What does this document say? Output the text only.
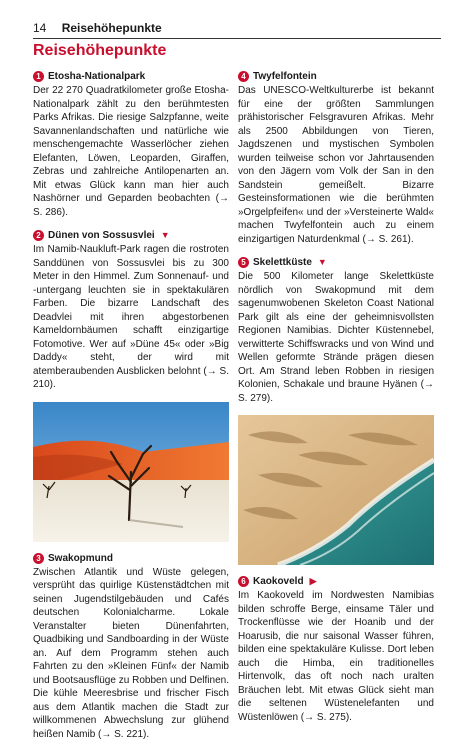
14 Reisehöhepunkte
Reisehöhepunkte
1 Etosha-Nationalpark

Der 22 270 Quadratkilometer große Etosha-Nationalpark zählt zu den berühmtesten Parks Afrikas. Die riesige Salzpfanne, weite Savannenlandschaften und natürliche wie menschengemachte Wasserlöcher ziehen Elefanten, Löwen, Leoparden, Giraffen, Zebras und zahlreiche Antilopenarten an. Mit etwas Glück kann man hier auch Nashörner und Geparden beobachten (→ S. 286).

2 Dünen von Sossusvlei ▼

Im Namib-Naukluft-Park ragen die rostroten Sanddünen von Sossusvlei bis zu 300 Meter in den Himmel. Zum Sonnenauf- und -untergang leuchten sie in spektakulären Farben. Die bizarre Landschaft des Deadvlei mit ihren abgestorbenen Kameldornbäumen schafft einzigartige Fotomotive. Wer auf »Düne 45« oder »Big Daddy« steht, der wird mit atemberaubenden Ausblicken belohnt (→ S. 210).

3 Swakopmund

Zwischen Atlantik und Wüste gelegen, versprüht das quirlige Küstenstädtchen mit seinen Jugendstilgebäuden und Cafés deutschen Kolonialcharme. Lokale Veranstalter bieten Dünenfahrten, Quadbiking und Sandboarding in der Wüste an. Auf dem Programm stehen auch Fahrten zu den »Kleinen Fünf« der Namib und Bootsausflüge zu Robben und Delfinen. Die kühle Meeresbrise und frischer Fisch aus dem Atlantik machen die Stadt zur willkommenen Abwechslung zur glühend heißen Namib (→ S. 221).

4 Twyfelfontein

Das UNESCO-Weltkulturerbe ist bekannt für eine der größten Sammlungen prähistorischer Felsgravuren Afrikas. Mehr als 2500 Abbildungen von Tieren, Jagdszenen und mystischen Symbolen wurden teilweise schon vor Jahrtausenden von den Jägern vom Volk der San in den Sandstein gemeißelt. Bizarre Gesteinsformationen wie die berühmten »Orgelpfeifen« und der »Versteinerte Wald« machen Twyfelfontein auch zu einem einzigartigen Naturdenkmal (→ S. 261).

5 Skelettküste ▼

Die 500 Kilometer lange Skelettküste nördlich von Swakopmund mit dem sagenumwobenen Skeleton Coast National Park gilt als eine der geheimnisvollsten Regionen Namibias. Dichter Küstennebel, verwitterte Schiffswracks und von Wind und Wellen geformte Strände prägen diesen Ort. Am Strand leben Robben in riesigen Kolonien, Schakale und braune Hyänen (→ S. 279).

6 Kaokoveld ▶

Im Kaokoveld im Nordwesten Namibias bilden schroffe Berge, einsame Täler und Trockenflüsse wie der Hoanib und der Hoarusib, die nur saisonal Wasser führen, bilden eine spektakuläre Kulisse. Dort leben auch die Himba, ein traditionelles Hirtenvolk, das oft noch nach uralten Bräuchen lebt. Mit etwas Glück sieht man die seltenen Wüstenelefanten und Wüstenlöwen (→ S. 275).
